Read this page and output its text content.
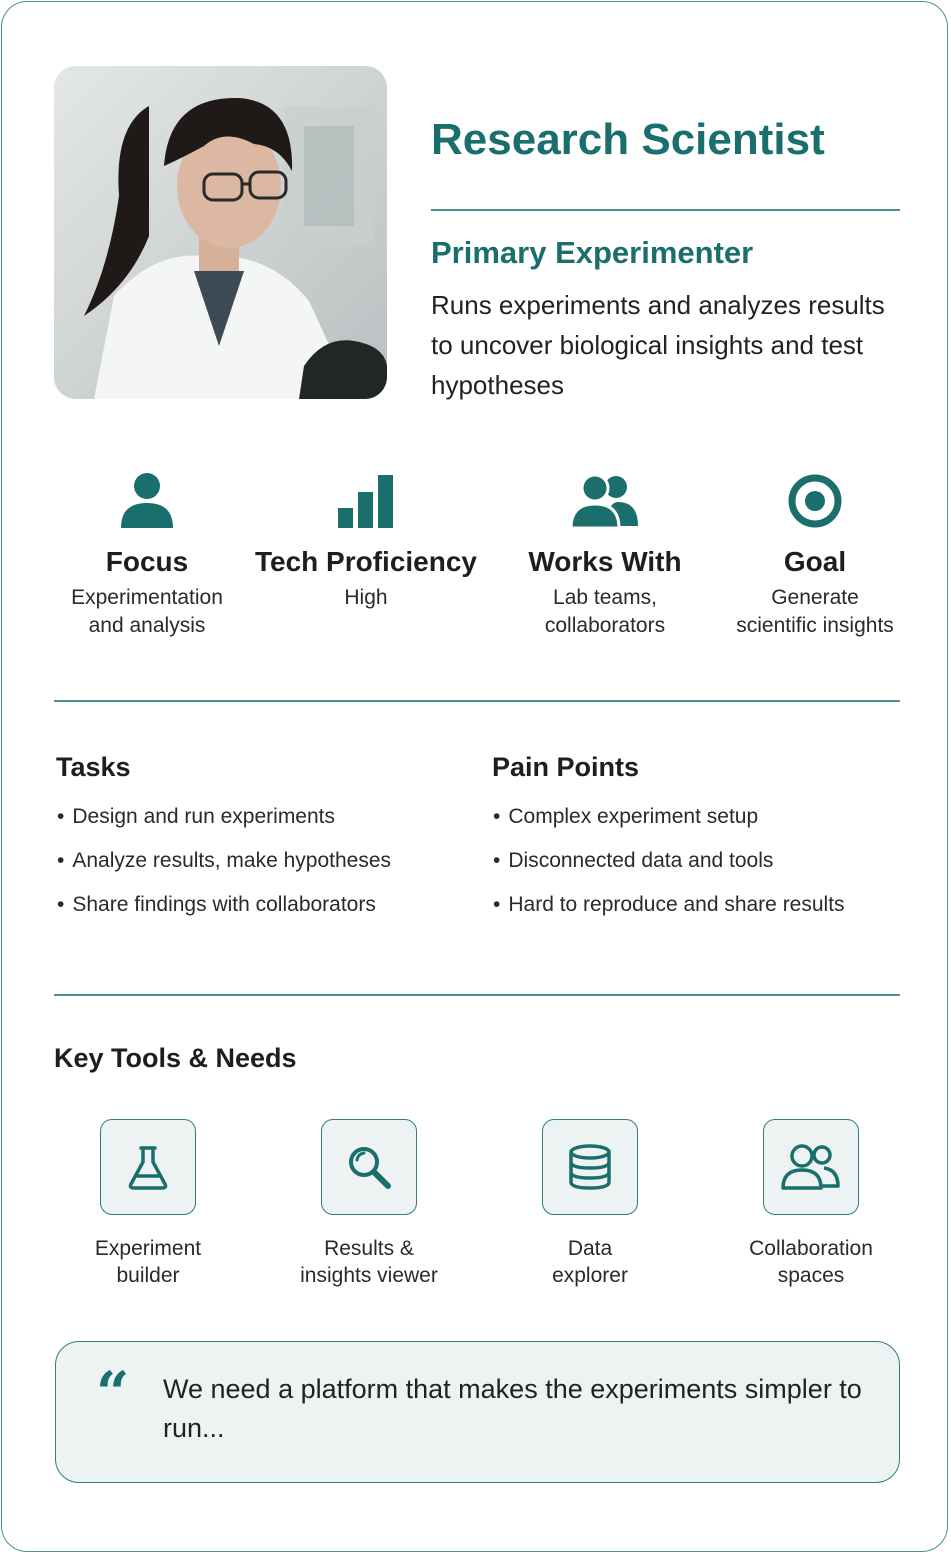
Research Scientist
Primary Experimenter
Runs experiments and analyzes results to uncover biological insights and test hypotheses
Focus
Experimentation
and analysis
Tech Proficiency
High
Works With
Lab teams,
collaborators
Goal
Generate
scientific insights
Tasks
• Design and run experiments
• Analyze results, make hypotheses
• Share findings with collaborators
Pain Points
• Complex experiment setup
• Disconnected data and tools
• Hard to reproduce and share results
Key Tools & Needs
Experiment
builder
Results &
insights viewer
Data
explorer
Collaboration
spaces
“ We need a platform that makes the experiments simpler to run...
